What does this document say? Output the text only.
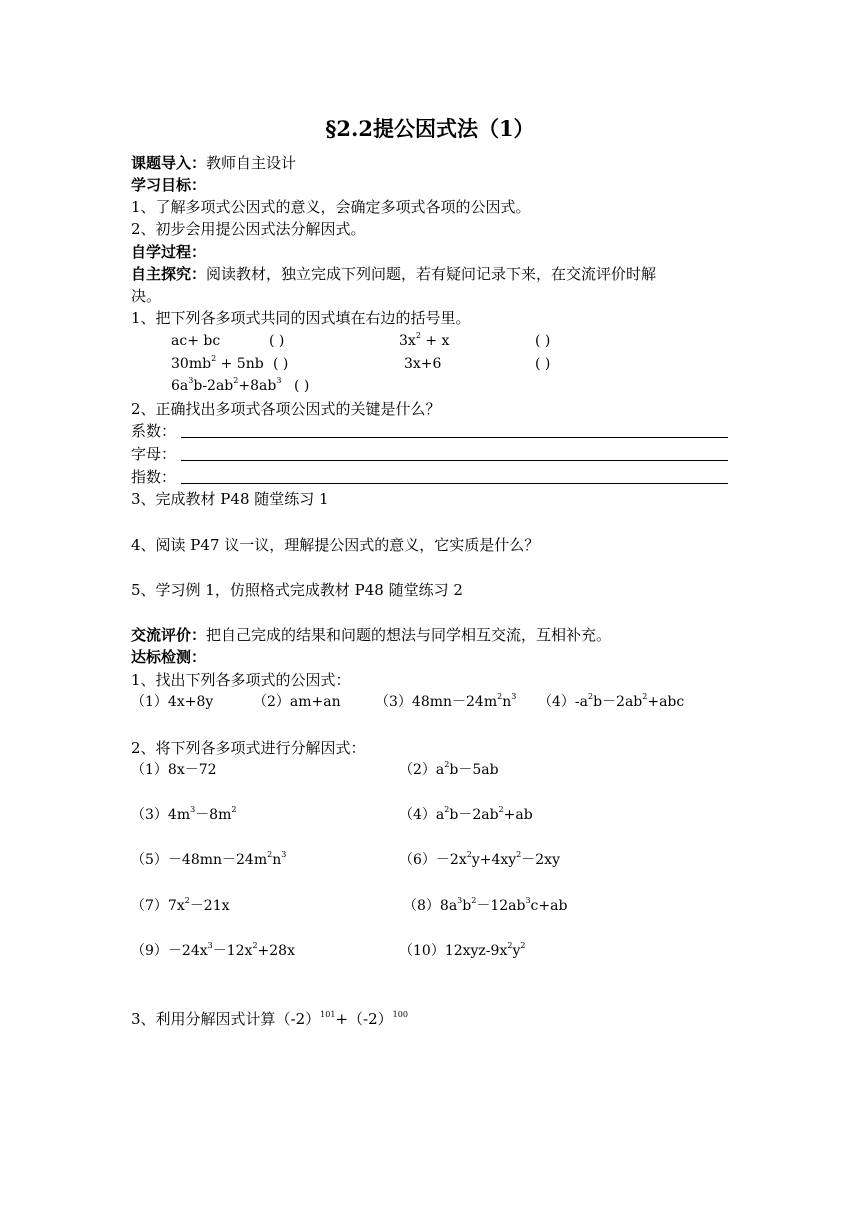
§2.2提公因式法（1）
课题导入：教师自主设计
学习目标：
1、了解多项式公因式的意义，会确定多项式各项的公因式。
2、初步会用提公因式法分解因式。
自学过程：
自主探究：阅读教材，独立完成下列问题，若有疑问记录下来，在交流评价时解
决。
1、把下列各多项式共同的因式填在右边的括号里。
ac+ bc	( )	$3x^2 + x$	( )
$30mb^2 + 5nb$ ( )	3x+6	( )
$6a^3b-2ab^2+8ab^3$ ( )
2、正确找出多项式各项公因式的关键是什么？
系数：
字母：
指数：
3、完成教材 P48 随堂练习 1
4、阅读 P47 议一议，理解提公因式的意义，它实质是什么？
5、学习例 1，仿照格式完成教材 P48 随堂练习 2
交流评价：把自己完成的结果和问题的想法与同学相互交流，互相补充。
达标检测：
1、找出下列各多项式的公因式：
（1）4x+8y	（2）am+an $(3)48mn-24m^2n^3$ $(4)-a^2b-2ab^2+abc$
2、将下列各多项式进行分解因式：
（1）8x－72	$(2)a^2b-5ab$
$(3)4m^3-8m^2$	$(4)a^2b-2ab^2+ab$
$(5)-48mn-24m^2n^3$	$(6)-2x^2y+4xy^2-2xy$
$(7)7x^2-21x$	$(8)8a^3b^2-12ab^3c+ab$
$(9)-24x^3-12x^2+28x$	$(10)12xyz-9x^2y^2$
3、利用分解因式计算$(-2)^{101}+(-2)^{100}$
